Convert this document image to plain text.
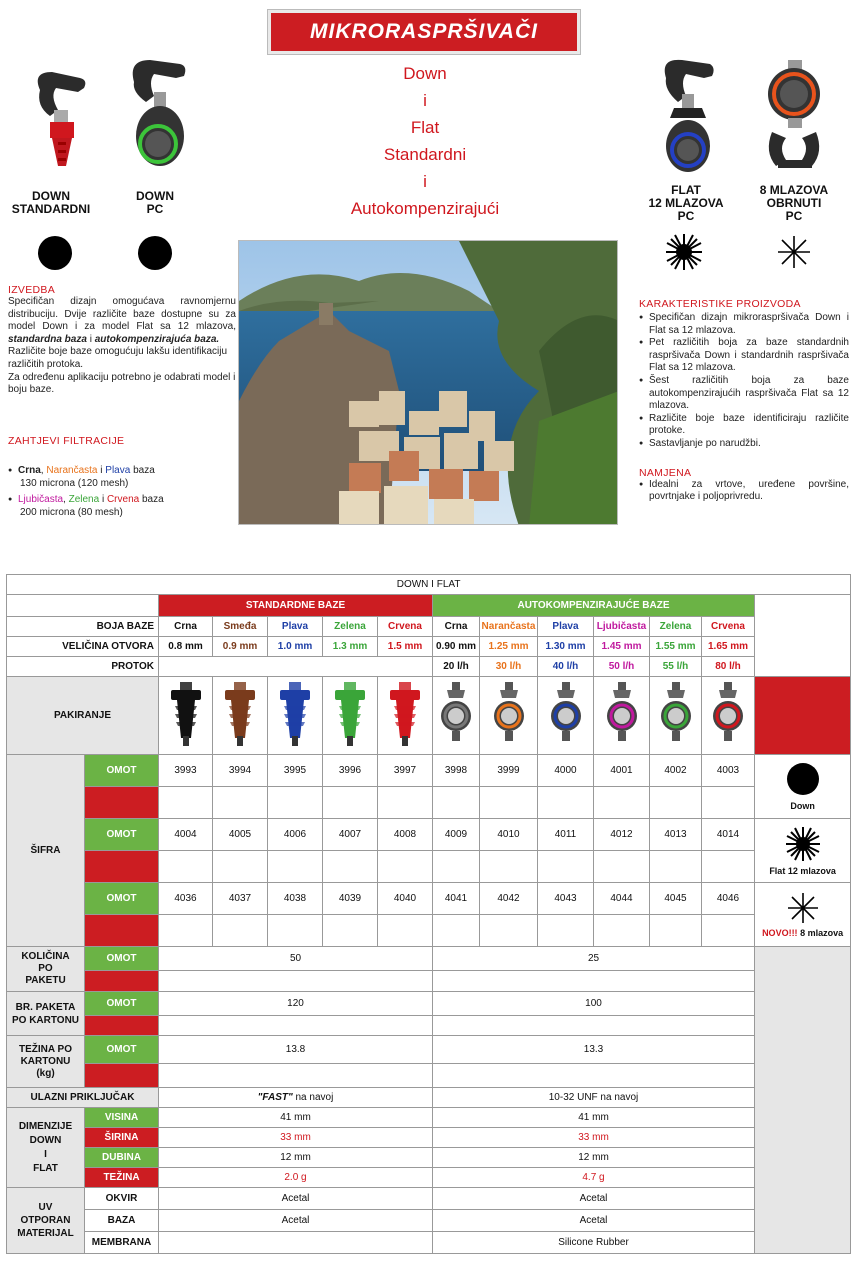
MIKRORASPRŠIVAČI
Down
i
Flat
Standardni
i
Autokompenzirajući
DOWN
STANDARDNI
DOWN
PC
FLAT
12 MLAZOVA
PC
8 MLAZOVA
OBRNUTI
PC
IZVEDBA
Specifičan dizajn omogućava ravnomjernu distribuciju. Dvije različite baze dostupne su za model Down i za model Flat sa 12 mlazova, standardna baza i autokompenzirajuća baza.
Različite boje baze omogućuju lakšu identifikaciju različitih protoka.
Za određenu aplikaciju potrebno je odabrati model i boju baze.
ZAHTJEVI FILTRACIJE
● Crna, Narančasta i Plava baza
130 microna (120 mesh)
● Ljubičasta, Zelena i Crvena baza
200 microna (80 mesh)
KARAKTERISTIKE PROIZVODA
● Specifičan dizajn mikroraspršivača Down i Flat sa 12 mlazova.
● Pet različitih boja za baze standardnih raspršivača Down i standardnih raspršivača Flat sa 12 mlazova.
● Šest različitih boja za baze autokompenzirajućih raspršivača Flat sa 12 mlazova.
● Različite boje baze identificiraju različite protoke.
● Sastavljanje po narudžbi.
NAMJENA
● Idealni za vrtove, uređene površine, povrtnjake i poljoprivredu.
DOWN I FLAT													
		STANDARDNE BAZE					AUTOKOMPENZIRAJUĆE BAZE						
BOJA BAZE		Crna	Smeđa	Plava	Zelena	Crvena	Crna	Narančasta	Plava	Ljubičasta	Zelena	Crvena	
VELIČINA OTVORA		0.8 mm	0.9 mm	1.0 mm	1.3 mm	1.5 mm	0.90 mm	1.25 mm	1.30 mm	1.45 mm	1.55 mm	1.65 mm	
PROTOK							20 l/h	30 l/h	40 l/h	50 l/h	55 l/h	80 l/h	
PAKIRANJE												
ŠIFRA	OMOT	3993	3994	3995	3996	3997	3998	3999	4000	4001	4002	4003	Down

	OMOT	4004	4005	4006	4007	4008	4009	4010	4011	4012	4013	4014	Flat 12 mlazova

	OMOT	4036	4037	4038	4039	4040	4041	4042	4043	4044	4045	4046	NOVO!!! 8 mlazova

KOLIČINA
PO
PAKETU	OMOT	50					25						

BR. PAKETA
PO KARTONU	OMOT	120					100						

TEŽINA PO
KARTONU
(kg)	OMOT	13.8					13.3						

ULAZNI PRIKLJUČAK		"FAST" na navoj					10-32 UNF na navoj						

DIMENZIJE
DOWN
I
FLAT	VISINA	41 mm					41 mm						
	ŠIRINA	33 mm					33 mm						
	DUBINA	12 mm					12 mm						
	TEŽINA	2.0 g					4.7 g						

UV
OTPORAN
MATERIJAL	OKVIR	Acetal					Acetal						
	BAZA	Acetal					Acetal						
	MEMBRANA						Silicone Rubber						
